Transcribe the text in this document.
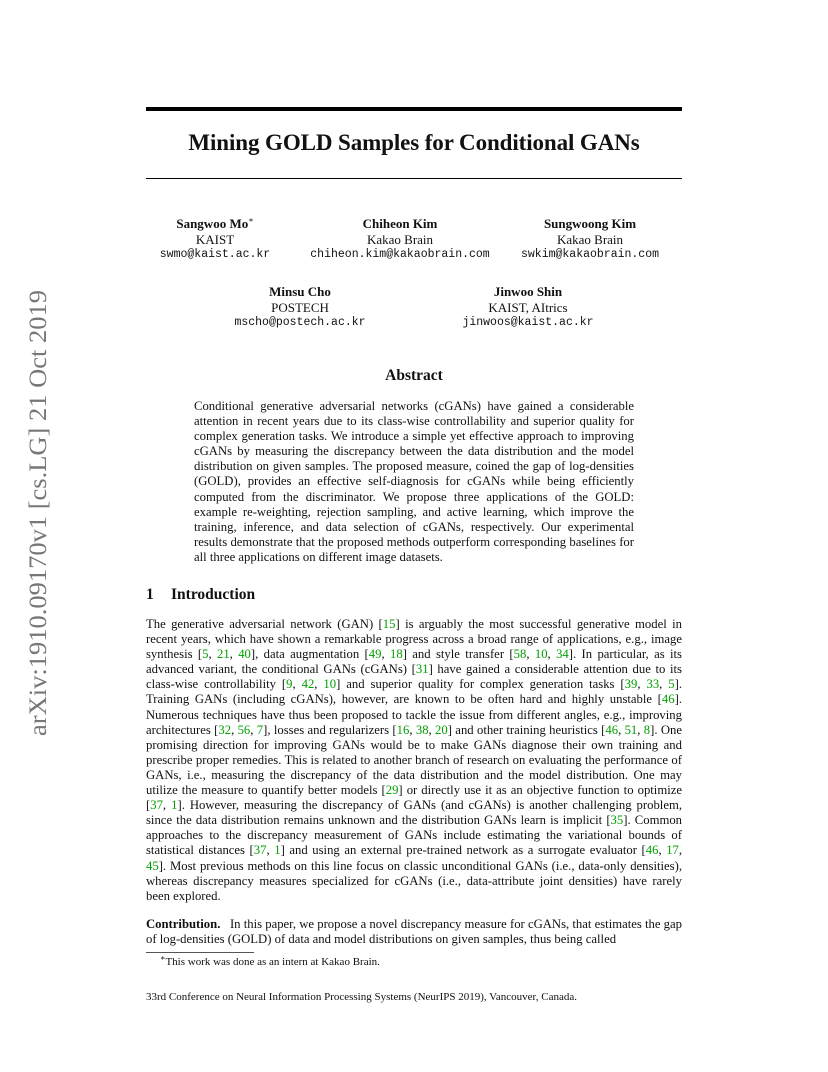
arXiv:1910.09170v1 [cs.LG] 21 Oct 2019
Mining GOLD Samples for Conditional GANs
Sangwoo Mo∗
KAIST
swmo@kaist.ac.kr
Chiheon Kim
Kakao Brain
chiheon.kim@kakaobrain.com
Sungwoong Kim
Kakao Brain
swkim@kakaobrain.com
Minsu Cho
POSTECH
mscho@postech.ac.kr
Jinwoo Shin
KAIST, AItrics
jinwoos@kaist.ac.kr
Abstract
Conditional generative adversarial networks (cGANs) have gained a considerable attention in recent years due to its class-wise controllability and superior quality for complex generation tasks. We introduce a simple yet effective approach to improving cGANs by measuring the discrepancy between the data distribution and the model distribution on given samples. The proposed measure, coined the gap of log-densities (GOLD), provides an effective self-diagnosis for cGANs while being efficiently computed from the discriminator. We propose three applications of the GOLD: example re-weighting, rejection sampling, and active learning, which improve the training, inference, and data selection of cGANs, respectively. Our experimental results demonstrate that the proposed methods outperform corresponding baselines for all three applications on different image datasets.
1 Introduction
The generative adversarial network (GAN) [15] is arguably the most successful generative model in recent years, which have shown a remarkable progress across a broad range of applications, e.g., image synthesis [5, 21, 40], data augmentation [49, 18] and style transfer [58, 10, 34]. In particular, as its advanced variant, the conditional GANs (cGANs) [31] have gained a considerable attention due to its class-wise controllability [9, 42, 10] and superior quality for complex generation tasks [39, 33, 5]. Training GANs (including cGANs), however, are known to be often hard and highly unstable [46]. Numerous techniques have thus been proposed to tackle the issue from different angles, e.g., improving architectures [32, 56, 7], losses and regularizers [16, 38, 20] and other training heuristics [46, 51, 8]. One promising direction for improving GANs would be to make GANs diagnose their own training and prescribe proper remedies. This is related to another branch of research on evaluating the performance of GANs, i.e., measuring the discrepancy of the data distribution and the model distribution. One may utilize the measure to quantify better models [29] or directly use it as an objective function to optimize [37, 1]. However, measuring the discrepancy of GANs (and cGANs) is another challenging problem, since the data distribution remains unknown and the distribution GANs learn is implicit [35]. Common approaches to the discrepancy measurement of GANs include estimating the variational bounds of statistical distances [37, 1] and using an external pre-trained network as a surrogate evaluator [46, 17, 45]. Most previous methods on this line focus on classic unconditional GANs (i.e., data-only densities), whereas discrepancy measures specialized for cGANs (i.e., data-attribute joint densities) have rarely been explored.
Contribution. In this paper, we propose a novel discrepancy measure for cGANs, that estimates the gap of log-densities (GOLD) of data and model distributions on given samples, thus being called
∗This work was done as an intern at Kakao Brain.
33rd Conference on Neural Information Processing Systems (NeurIPS 2019), Vancouver, Canada.
